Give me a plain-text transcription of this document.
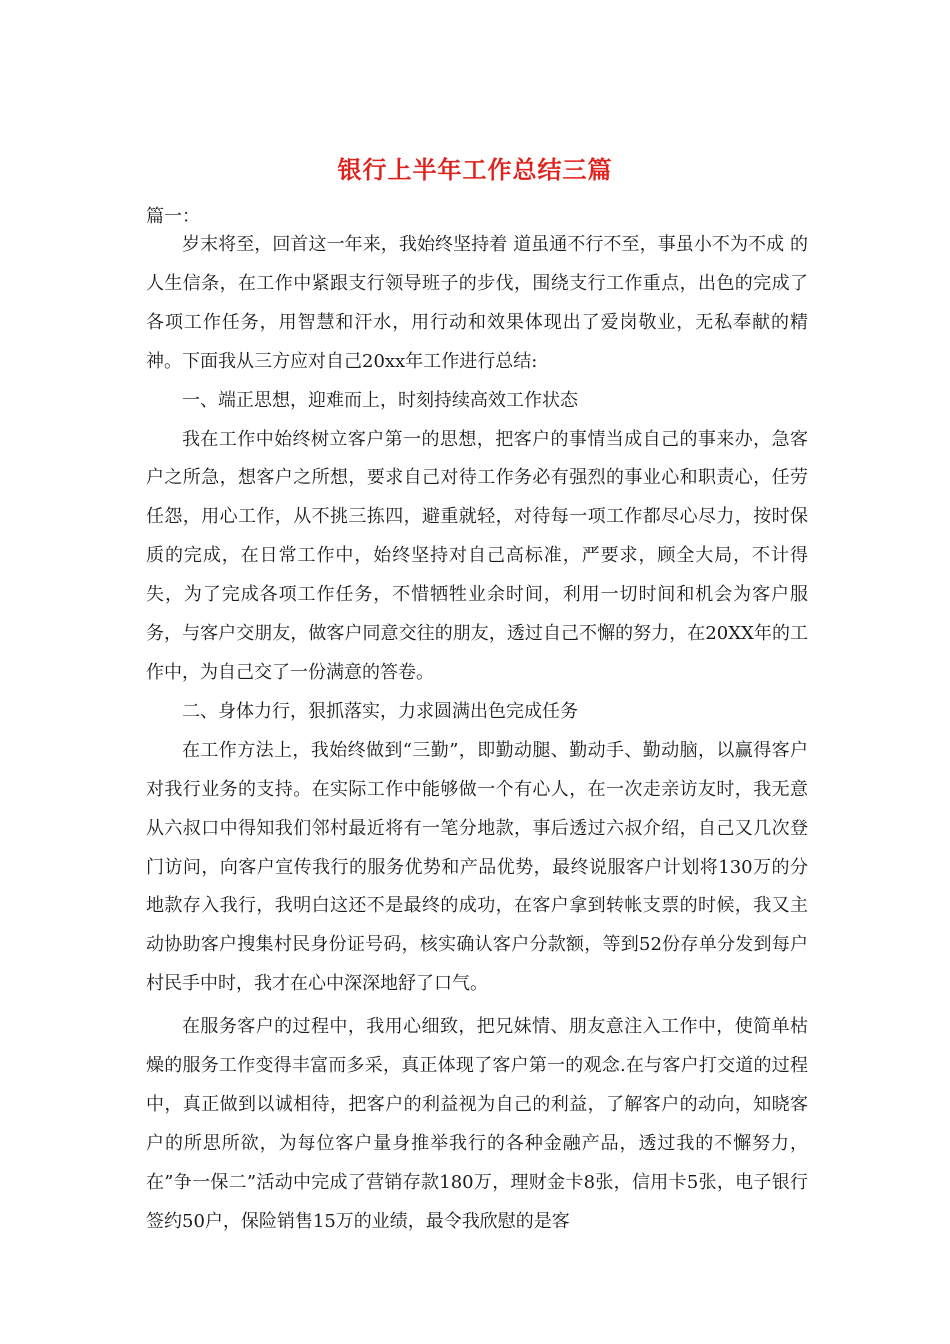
银行上半年工作总结三篇
篇一：

岁末将至，回首这一年来，我始终坚持着 道虽通不行不至，事虽小不为不成 的人生信条，在工作中紧跟支行领导班子的步伐，围绕支行工作重点，出色的完成了各项工作任务，用智慧和汗水，用行动和效果体现出了爱岗敬业，无私奉献的精神。下面我从三方应对自己20xx年工作进行总结:

一、端正思想，迎难而上，时刻持续高效工作状态

我在工作中始终树立客户第一的思想，把客户的事情当成自己的事来办，急客户之所急，想客户之所想，要求自己对待工作务必有强烈的事业心和职责心，任劳任怨，用心工作，从不挑三拣四，避重就轻，对待每一项工作都尽心尽力，按时保质的完成，在日常工作中，始终坚持对自己高标准，严要求，顾全大局，不计得失，为了完成各项工作任务，不惜牺牲业余时间，利用一切时间和机会为客户服务，与客户交朋友，做客户同意交往的朋友，透过自己不懈的努力，在20XX年的工作中，为自己交了一份满意的答卷。

二、身体力行，狠抓落实，力求圆满出色完成任务

在工作方法上，我始终做到“三勤”，即勤动腿、勤动手、勤动脑，以赢得客户对我行业务的支持。在实际工作中能够做一个有心人，在一次走亲访友时，我无意从六叔口中得知我们邻村最近将有一笔分地款，事后透过六叔介绍，自己又几次登门访问，向客户宣传我行的服务优势和产品优势，最终说服客户计划将130万的分地款存入我行，我明白这还不是最终的成功，在客户拿到转帐支票的时候，我又主动协助客户搜集村民身份证号码，核实确认客户分款额，等到52份存单分发到每户村民手中时，我才在心中深深地舒了口气。

在服务客户的过程中，我用心细致，把兄妹情、朋友意注入工作中，使简单枯燥的服务工作变得丰富而多采，真正体现了客户第一的观念.在与客户打交道的过程中，真正做到以诚相待，把客户的利益视为自己的利益，了解客户的动向，知晓客户的所思所欲，为每位客户量身推举我行的各种金融产品，透过我的不懈努力，在”争一保二”活动中完成了营销存款180万，理财金卡8张，信用卡5张，电子银行签约50户，保险销售15万的业绩，最令我欣慰的是客
